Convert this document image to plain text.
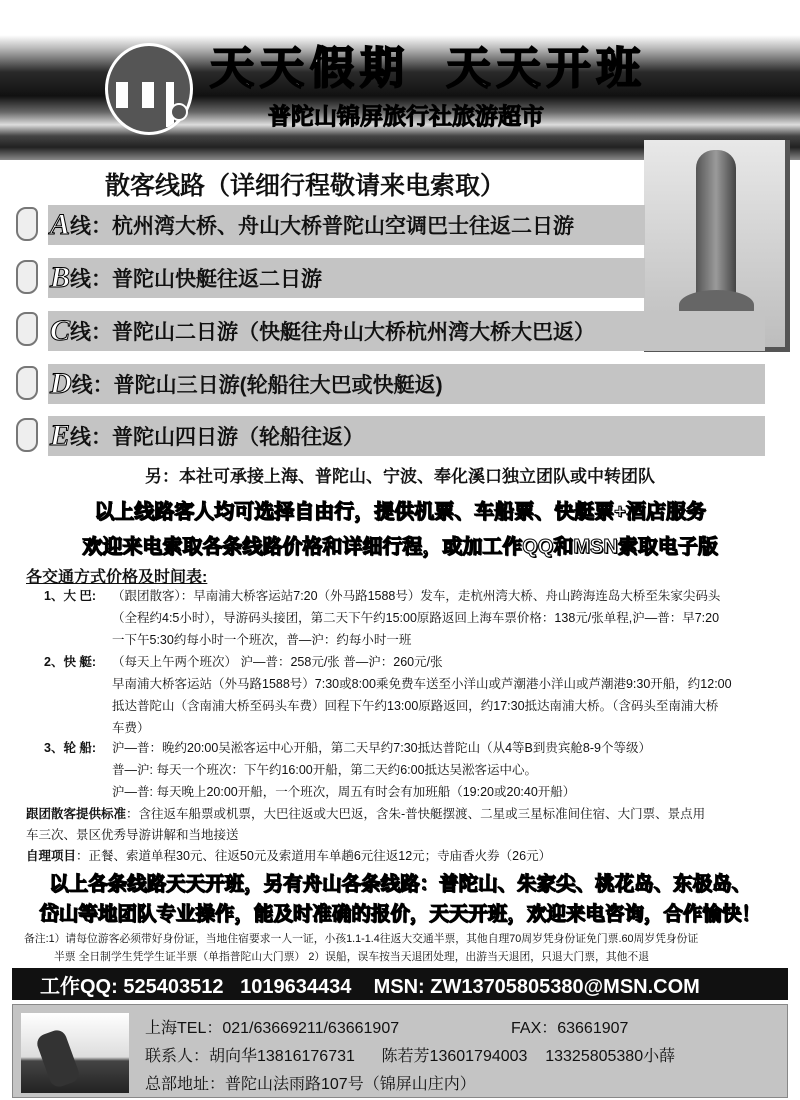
天天假期  天天开班
普陀山锦屏旅行社旅游超市
散客线路（详细行程敬请来电索取）
A 线： 杭州湾大桥、舟山大桥普陀山空调巴士往返二日游
B 线： 普陀山快艇往返二日游
C 线： 普陀山二日游（快艇往舟山大桥杭州湾大桥大巴返）
D 线： 普陀山三日游(轮船往大巴或快艇返)
E 线： 普陀山四日游（轮船往返）
另：本社可承接上海、普陀山、宁波、奉化溪口独立团队或中转团队
以上线路客人均可选择自由行，提供机票、车船票、快艇票+酒店服务
欢迎来电索取各条线路价格和详细行程，或加工作QQ和MSN索取电子版
各交通方式价格及时间表:
1、大 巴: （跟团散客）：早南浦大桥客运站7:20（外马路1588号）发车，走杭州湾大桥、舟山跨海连岛大桥至朱家尖码头
（全程约4:5小时），导游码头接团，第二天下午约15:00原路返回上海车票价格：138元/张单程,沪—普：早7:20
一下午5:30约每小时一个班次，普—沪：约每小时一班
2、快 艇: （每天上午两个班次） 沪—普：258元/张 普—沪：260元/张
早南浦大桥客运站（外马路1588号）7:30或8:00乘免费车送至小洋山或芦潮港小洋山或芦潮港9:30开船，约12:00
抵达普陀山（含南浦大桥至码头车费）回程下午约13:00原路返回，约17:30抵达南浦大桥。（含码头至南浦大桥
车费）
3、轮 船: 沪—普：晚约20:00吴淞客运中心开船，第二天早约7:30抵达普陀山（从4等B到贵宾舱8-9个等级）
普—沪: 每天一个班次：下午约16:00开船，第二天约6:00抵达吴淞客运中心。
沪—普: 每天晚上20:00开船，一个班次，周五有时会有加班船（19:20或20:40开船）
跟团散客提供标准：含往返车船票或机票，大巴往返或大巴返，含朱-普快艇摆渡、二星或三星标准间住宿、大门票、景点用
车三次、景区优秀导游讲解和当地接送
自理项目：正餐、索道单程30元、往返50元及索道用车单趟6元往返12元；寺庙香火券（26元）
以上各条线路天天开班，另有舟山各条线路：普陀山、朱家尖、桃花岛、东极岛、
岱山等地团队专业操作，能及时准确的报价，天天开班，欢迎来电咨询，合作愉快！
备注:1）请每位游客必须带好身份证，当地住宿要求一人一证，小孩1.1-1.4往返大交通半票，其他自理70周岁凭身份证免门票.60周岁凭身份证
半票 全日制学生凭学生证半票（单指普陀山大门票） 2）误船，误车按当天退团处理，出游当天退团，只退大门票，其他不退
工作QQ: 525403512   1019634434    MSN: ZW13705805380@MSN.COM
上海TEL：021/63669211/63661907	FAX：63661907
联系人：胡向华13816176731      陈若芳13601794003    13325805380小薛
总部地址：普陀山法雨路107号（锦屏山庄内）
